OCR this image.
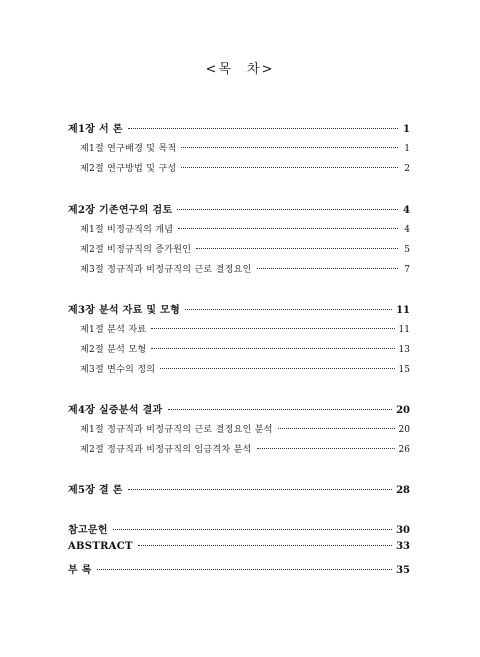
<목 차>
제1장 서 론	1
제1절 연구배경 및 목적	1
제2절 연구방법 및 구성	2
제2장 기존연구의 검토	4
제1절 비정규직의 개념	4
제2절 비정규직의 증가원인	5
제3절 정규직과 비정규직의 근로 결정요인	7
제3장 분석 자료 및 모형	11
제1절 분석 자료	11
제2절 분석 모형	13
제3절 변수의 정의	15
제4장 실증분석 결과	20
제1절 정규직과 비정규직의 근로 결정요인 분석	20
제2절 정규직과 비정규직의 임금격차 분석	26
제5장 결 론	28
참고문헌	30
ABSTRACT	33
부 록	35
